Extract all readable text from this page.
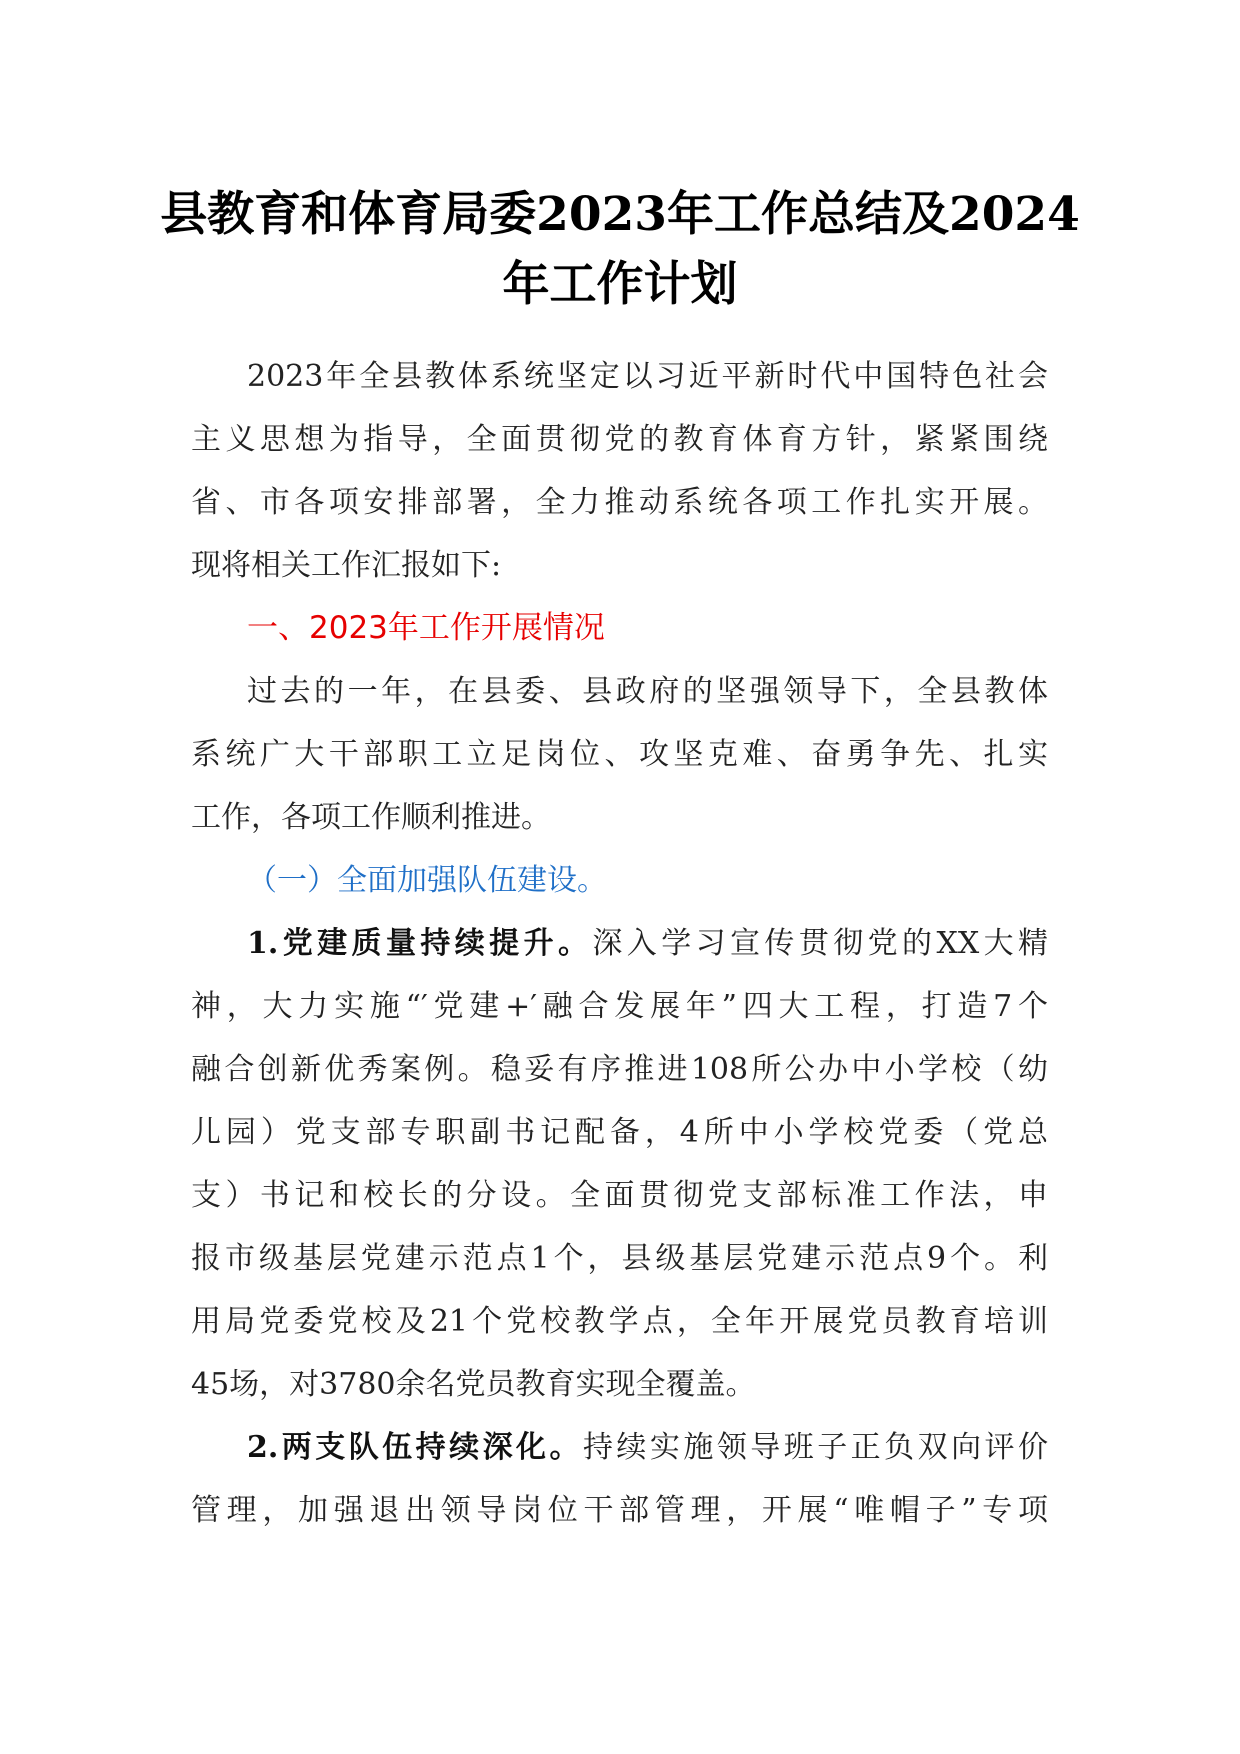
县教育和体育局委2023年工作总结及2024
年工作计划
2023年全县教体系统坚定以习近平新时代中国特色社会
主义思想为指导，全面贯彻党的教育体育方针，紧紧围绕
省、市各项安排部署，全力推动系统各项工作扎实开展。
现将相关工作汇报如下:
一、2023年工作开展情况
过去的一年，在县委、县政府的坚强领导下，全县教体
系统广大干部职工立足岗位、攻坚克难、奋勇争先、扎实
工作，各项工作顺利推进。
（一）全面加强队伍建设。
1.党建质量持续提升。深入学习宣传贯彻党的XX大精
神，大力实施“′党建+′融合发展年”四大工程，打造7个
融合创新优秀案例。稳妥有序推进108所公办中小学校（幼
儿园）党支部专职副书记配备，4所中小学校党委（党总
支）书记和校长的分设。全面贯彻党支部标准工作法，申
报市级基层党建示范点1个，县级基层党建示范点9个。利
用局党委党校及21个党校教学点，全年开展党员教育培训
45场，对3780余名党员教育实现全覆盖。
2.两支队伍持续深化。持续实施领导班子正负双向评价
管理，加强退出领导岗位干部管理，开展“唯帽子”专项
